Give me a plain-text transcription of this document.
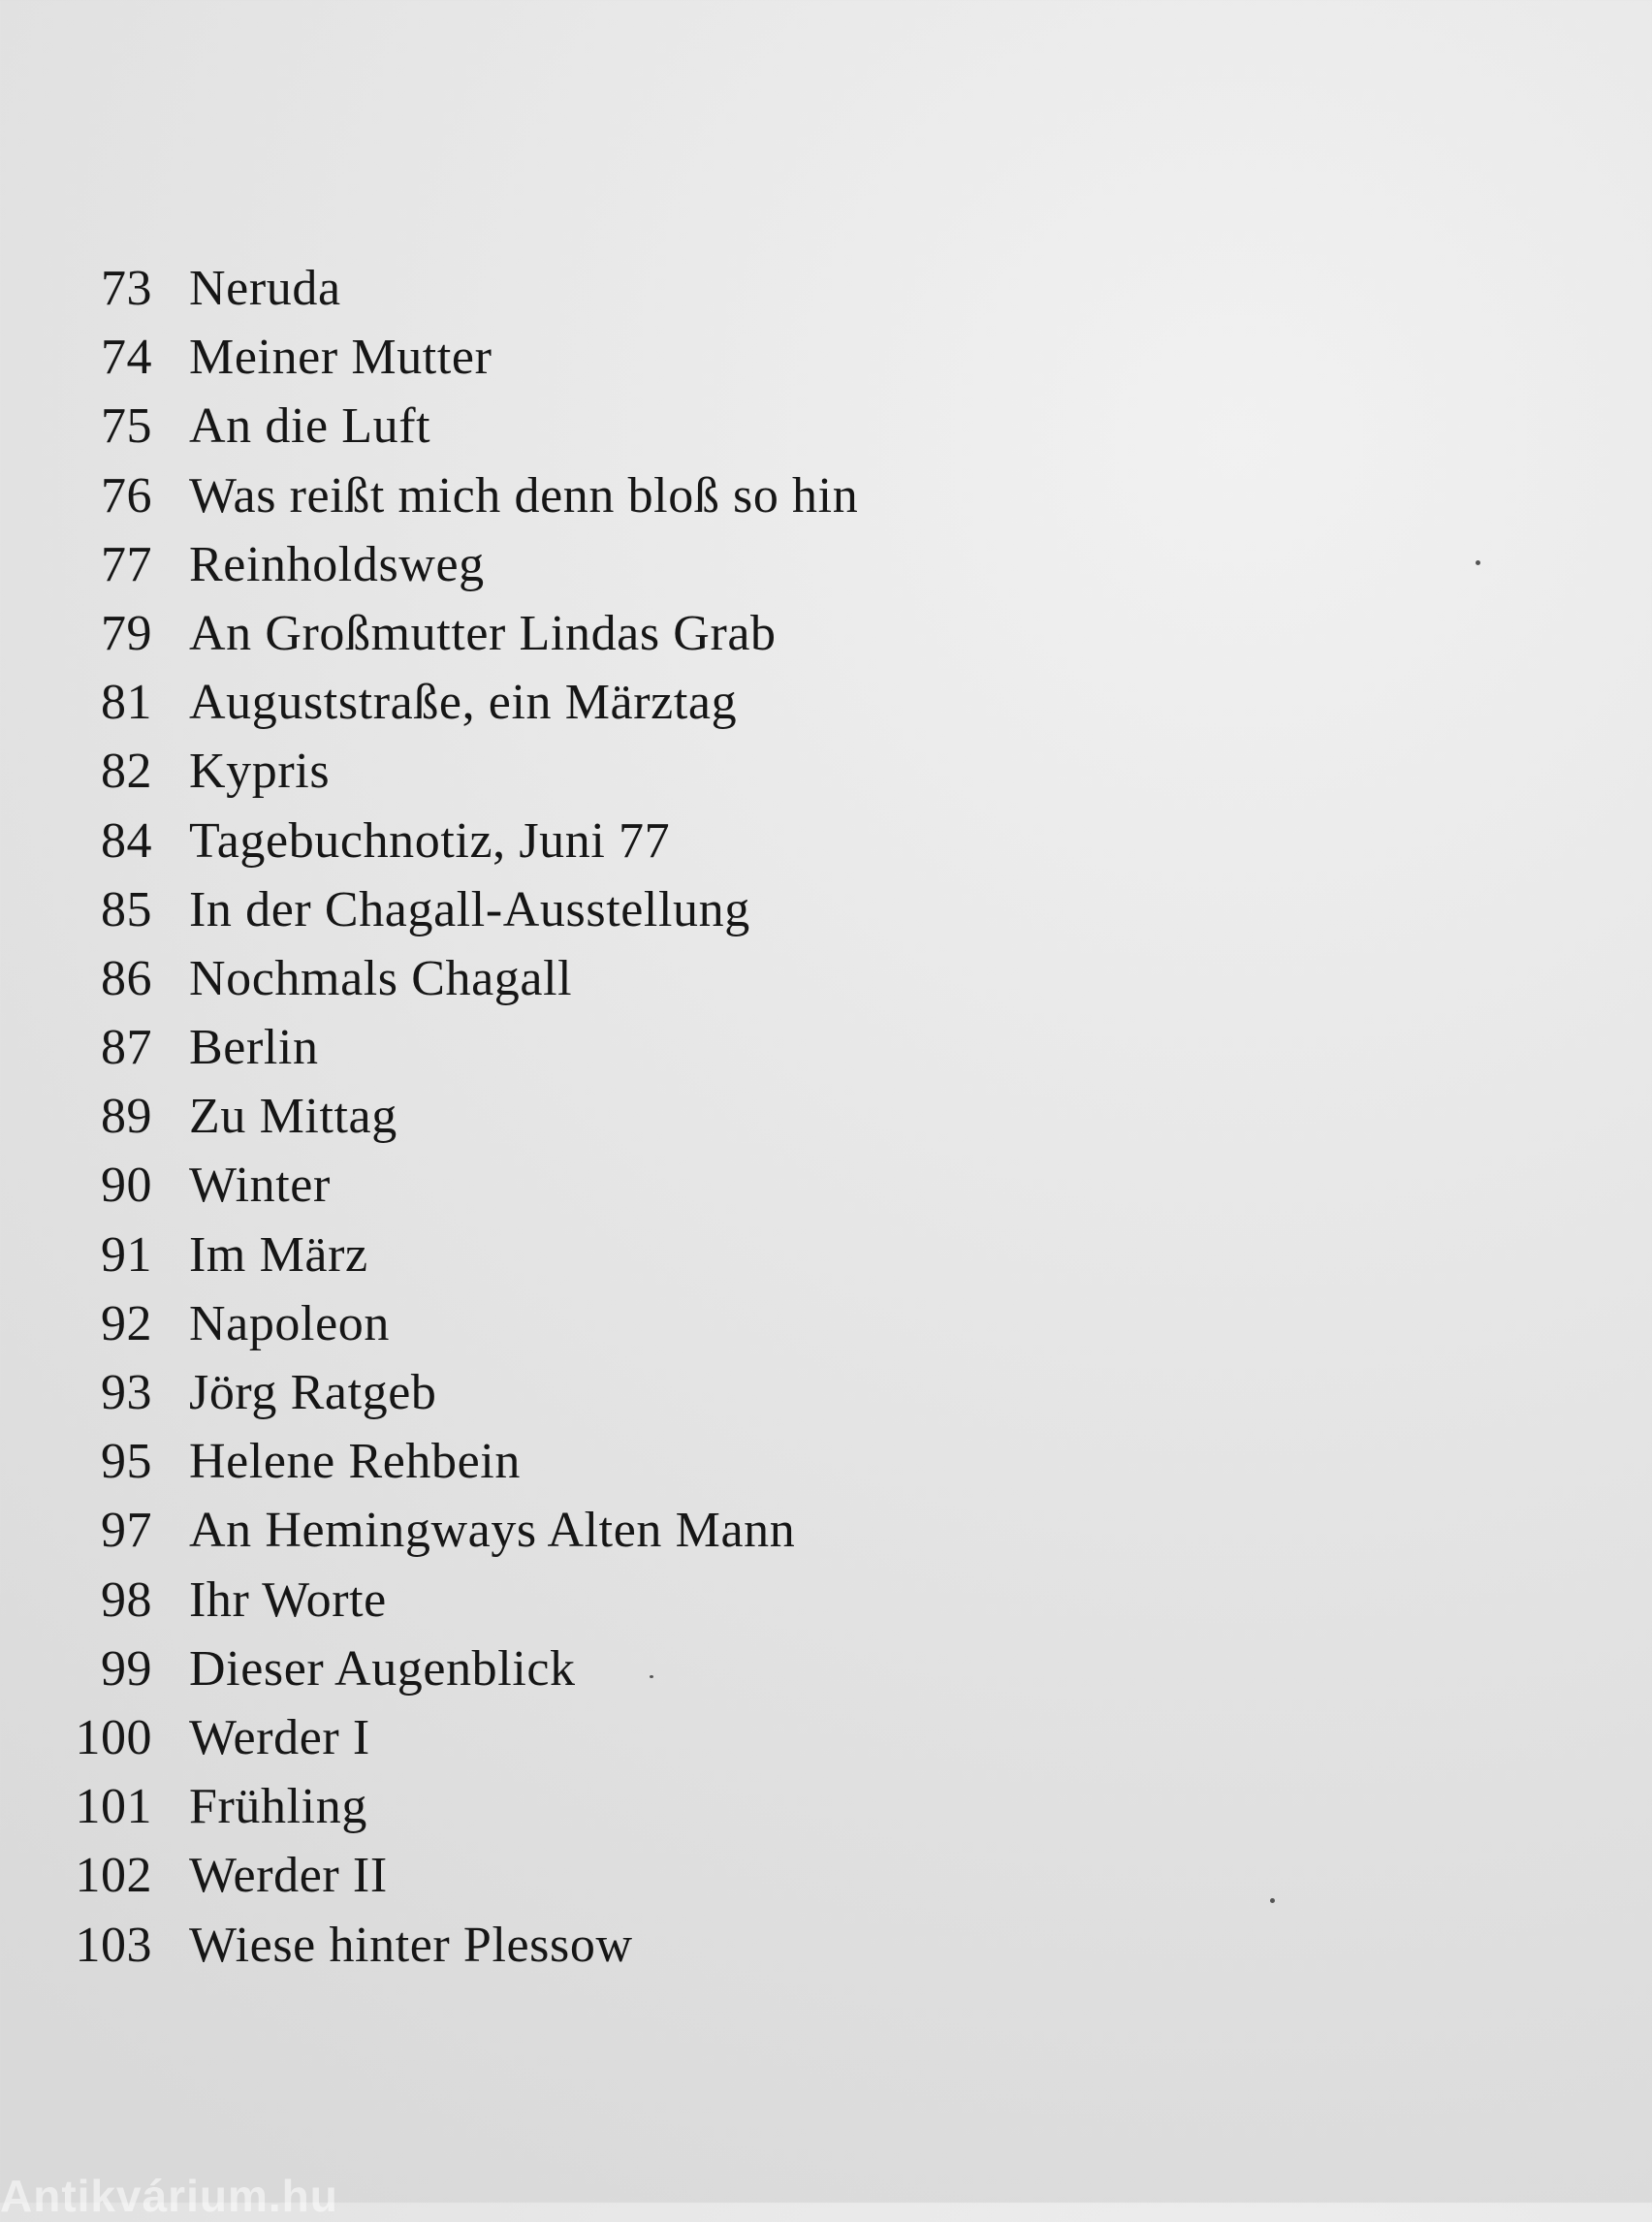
73 Neruda
74 Meiner Mutter
75 An die Luft
76 Was reißt mich denn bloß so hin
77 Reinholdsweg
79 An Großmutter Lindas Grab
81 Auguststraße, ein Märztag
82 Kypris
84 Tagebuchnotiz, Juni 77
85 In der Chagall-Ausstellung
86 Nochmals Chagall
87 Berlin
89 Zu Mittag
90 Winter
91 Im März
92 Napoleon
93 Jörg Ratgeb
95 Helene Rehbein
97 An Hemingways Alten Mann
98 Ihr Worte
99 Dieser Augenblick
100 Werder I
101 Frühling
102 Werder II
103 Wiese hinter Plessow
Antikvárium.hu
